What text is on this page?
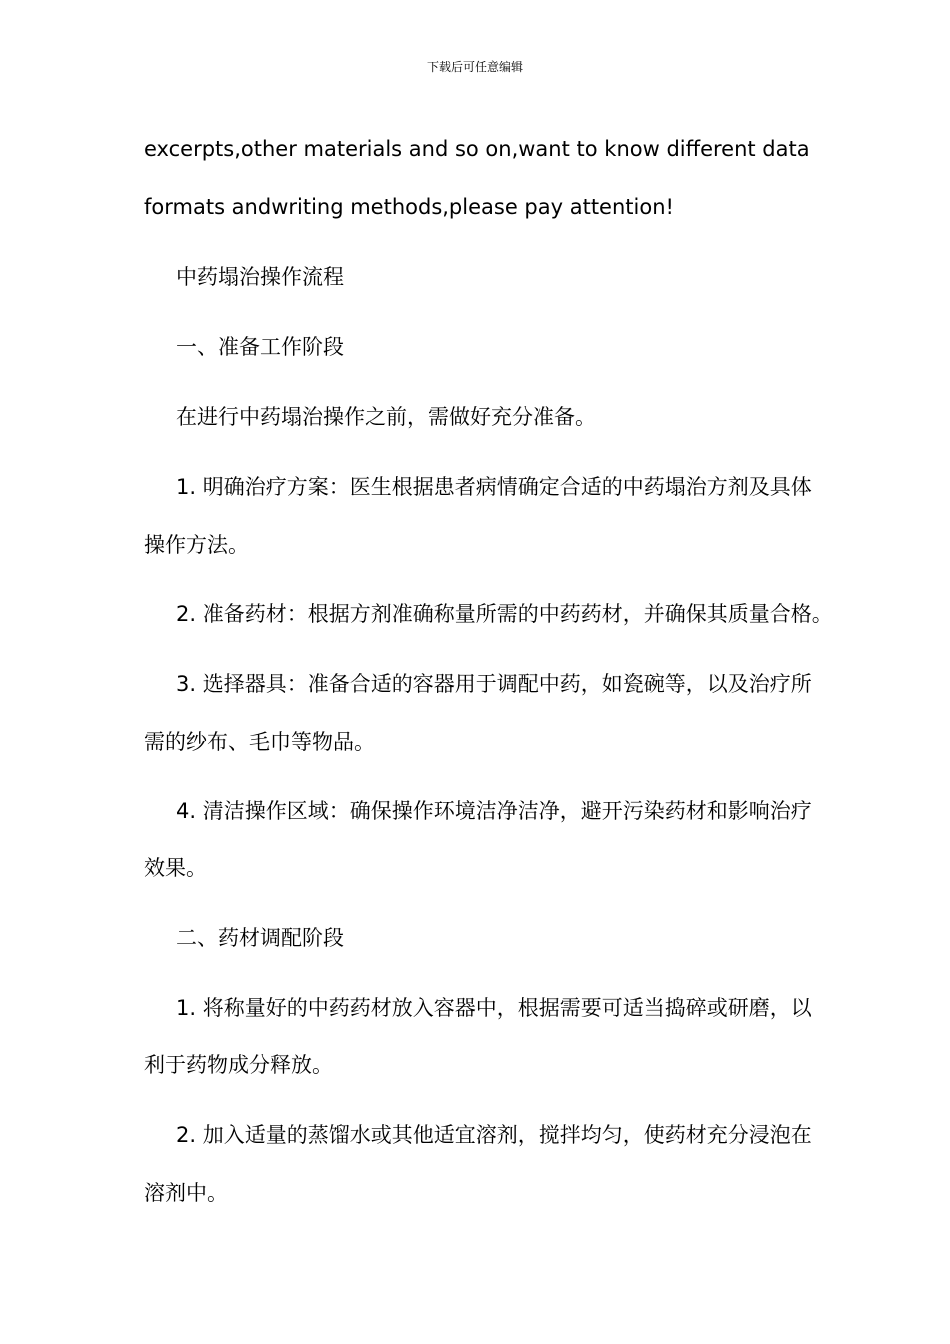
下载后可任意编辑
excerpts,other materials and so on,want to know different data
formats andwriting methods,please pay attention!
中药塌治操作流程
一、准备工作阶段
在进行中药塌治操作之前，需做好充分准备。
1. 明确治疗方案：医生根据患者病情确定合适的中药塌治方剂及具体
操作方法。
2. 准备药材：根据方剂准确称量所需的中药药材，并确保其质量合格。
3. 选择器具：准备合适的容器用于调配中药，如瓷碗等，以及治疗所
需的纱布、毛巾等物品。
4. 清洁操作区域：确保操作环境洁净洁净，避开污染药材和影响治疗
效果。
二、药材调配阶段
1. 将称量好的中药药材放入容器中，根据需要可适当捣碎或研磨，以
利于药物成分释放。
2. 加入适量的蒸馏水或其他适宜溶剂，搅拌均匀，使药材充分浸泡在
溶剂中。
